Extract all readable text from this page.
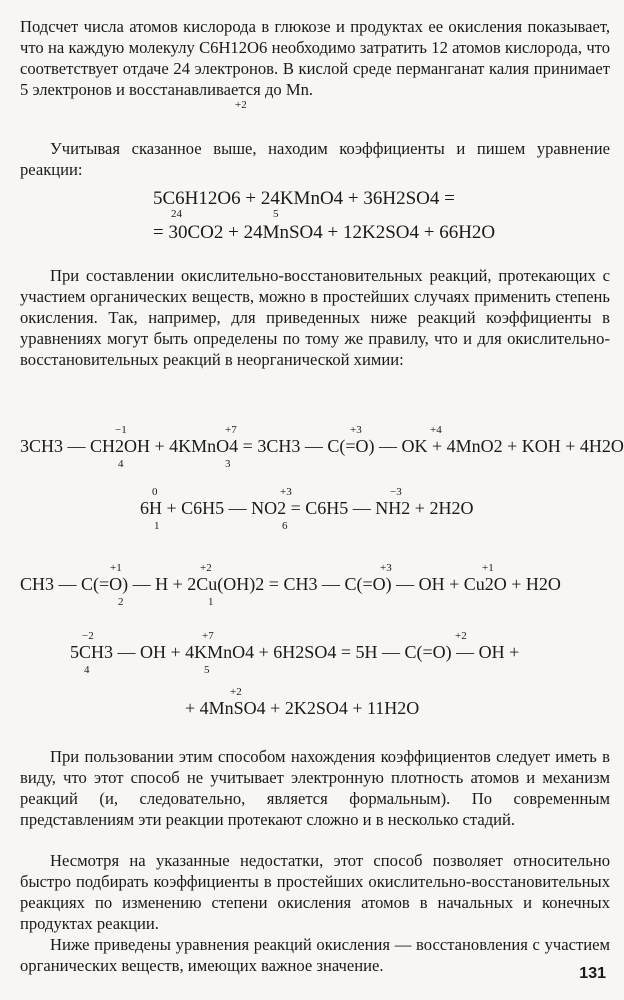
Подсчет числа атомов кислорода в глюкозе и продуктах ее окисления показывает, что на каждую молекулу C6H12O6 необходимо затратить 12 атомов кислорода, что соответствует отдаче 24 электронов. В кислой среде перманганат калия принимает 5 электронов и восстанавливается до Mn.

+2

Учитывая сказанное выше, находим коэффициенты и пишем уравнение реакции:

5C6H12O6 + 24KMnO4 + 36H2SO4 =
= 30CO2 + 24MnSO4 + 12K2SO4 + 66H2O
24	5

При составлении окислительно-восстановительных реакций, протекающих с участием органических веществ, можно в простейших случаях применить степень окисления. Так, например, для приведенных ниже реакций коэффициенты в уравнениях могут быть определены по тому же правилу, что и для окислительно-восстановительных реакций в неорганической химии:

3CH3 — CH2OH + 4KMnO4 = 3CH3 — C(=O) — OK + 4MnO2 + KOH + 4H2O
−1	+7	+3	+4
4	3
6H + C6H5 — NO2 = C6H5 — NH2 + 2H2O
0	+3	−3
1	6
CH3 — C(=O) — H + 2Cu(OH)2 = CH3 — C(=O) — OH + Cu2O + H2O
+1	+2	+3	+1
2	1
5CH3 — OH + 4KMnO4 + 6H2SO4 = 5H — C(=O) — OH +
+ 4MnSO4 + 2K2SO4 + 11H2O
−2	+7	+2
+2
4	5

При пользовании этим способом нахождения коэффициентов следует иметь в виду, что этот способ не учитывает электронную плотность атомов и механизм реакций (и, следовательно, является формальным). По современным представлениям эти реакции протекают сложно и в несколько стадий.

Несмотря на указанные недостатки, этот способ позволяет относительно быстро подбирать коэффициенты в простейших окислительно-восстановительных реакциях по изменению степени окисления атомов в начальных и конечных продуктах реакции.

Ниже приведены уравнения реакций окисления — восстановления с участием органических веществ, имеющих важное значение.	131
